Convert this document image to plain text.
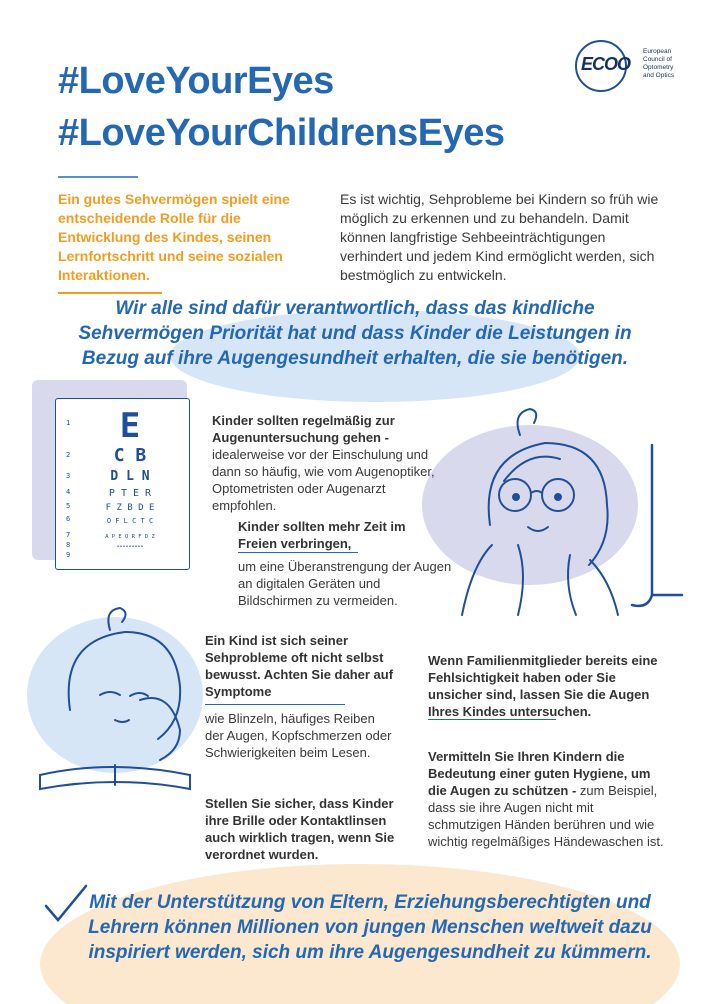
ECOO
European
Council of
Optometry
and Optics
#LoveYourEyes
#LoveYourChildrensEyes
Ein gutes Sehvermögen spielt eine entscheidende Rolle für die Entwicklung des Kindes, seinen Lernfortschritt und seine sozialen Interaktionen.
Es ist wichtig, Sehprobleme bei Kindern so früh wie möglich zu erkennen und zu behandeln. Damit können langfristige Sehbeeinträchtigungen verhindert und jedem Kind ermöglicht werden, sich bestmöglich zu entwickeln.
Wir alle sind dafür verantwortlich, dass das kindliche Sehvermögen Priorität hat und dass Kinder die Leistungen in Bezug auf ihre Augengesundheit erhalten, die sie benötigen.
1
2
3
4
5
6
7
8
9
E
C B
D L N
P T E R
F Z B D E
O F L C T C
A P E O R F D Z
•••••••••
Kinder sollten regelmäßig zur Augenuntersuchung gehen - idealerweise vor der Einschulung und dann so häufig, wie vom Augenoptiker, Optometristen oder Augenarzt empfohlen.
Kinder sollten mehr Zeit im Freien verbringen,
um eine Überanstrengung der Augen an digitalen Geräten und Bildschirmen zu vermeiden.
Ein Kind ist sich seiner Sehprobleme oft nicht selbst bewusst. Achten Sie daher auf Symptome
wie Blinzeln, häufiges Reiben der Augen, Kopfschmerzen oder Schwierigkeiten beim Lesen.
Stellen Sie sicher, dass Kinder ihre Brille oder Kontaktlinsen auch wirklich tragen, wenn Sie verordnet wurden.
Wenn Familienmitglieder bereits eine Fehlsichtigkeit haben oder Sie unsicher sind, lassen Sie die Augen Ihres Kindes untersuchen.
Vermitteln Sie Ihren Kindern die Bedeutung einer guten Hygiene, um die Augen zu schützen - zum Beispiel, dass sie ihre Augen nicht mit schmutzigen Händen berühren und wie wichtig regelmäßiges Händewaschen ist.
Mit der Unterstützung von Eltern, Erziehungsberechtigten und Lehrern können Millionen von jungen Menschen weltweit dazu inspiriert werden, sich um ihre Augengesundheit zu kümmern.
